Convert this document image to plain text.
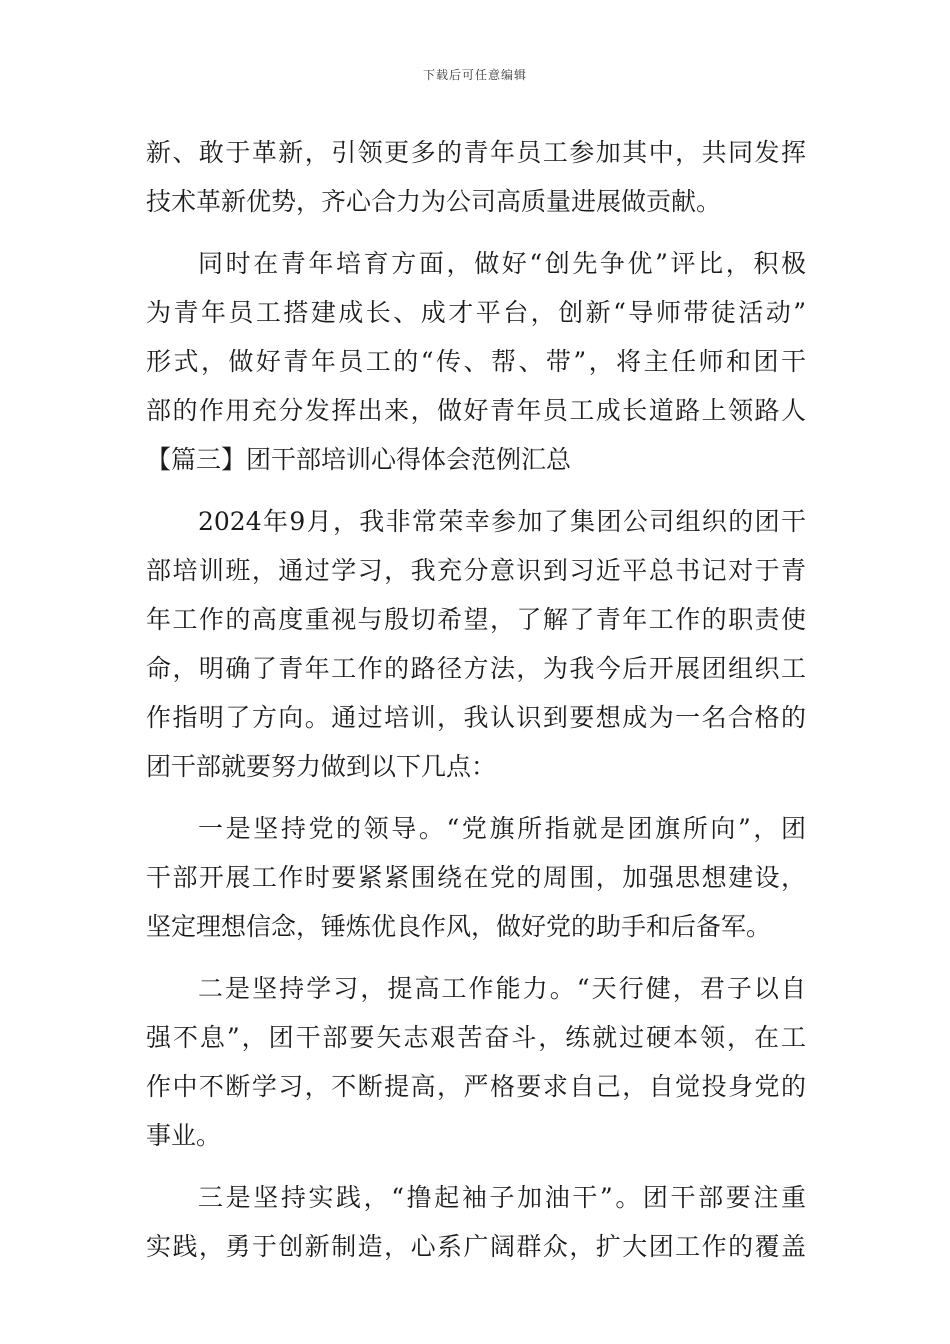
下载后可任意编辑
新、敢于革新，引领更多的青年员工参加其中，共同发挥
技术革新优势，齐心合力为公司高质量进展做贡献。
同时在青年培育方面，做好“创先争优”评比，积极
为青年员工搭建成长、成才平台，创新“导师带徒活动”
形式，做好青年员工的“传、帮、带”，将主任师和团干
部的作用充分发挥出来，做好青年员工成长道路上领路人
【篇三】团干部培训心得体会范例汇总
2024年9月，我非常荣幸参加了集团公司组织的团干
部培训班，通过学习，我充分意识到习近平总书记对于青
年工作的高度重视与殷切希望，了解了青年工作的职责使
命，明确了青年工作的路径方法，为我今后开展团组织工
作指明了方向。通过培训，我认识到要想成为一名合格的
团干部就要努力做到以下几点：
一是坚持党的领导。“党旗所指就是团旗所向”，团
干部开展工作时要紧紧围绕在党的周围，加强思想建设，
坚定理想信念，锤炼优良作风，做好党的助手和后备军。
二是坚持学习，提高工作能力。“天行健，君子以自
强不息”，团干部要矢志艰苦奋斗，练就过硬本领，在工
作中不断学习，不断提高，严格要求自己，自觉投身党的
事业。
三是坚持实践，“撸起袖子加油干”。团干部要注重
实践，勇于创新制造，心系广阔群众，扩大团工作的覆盖
